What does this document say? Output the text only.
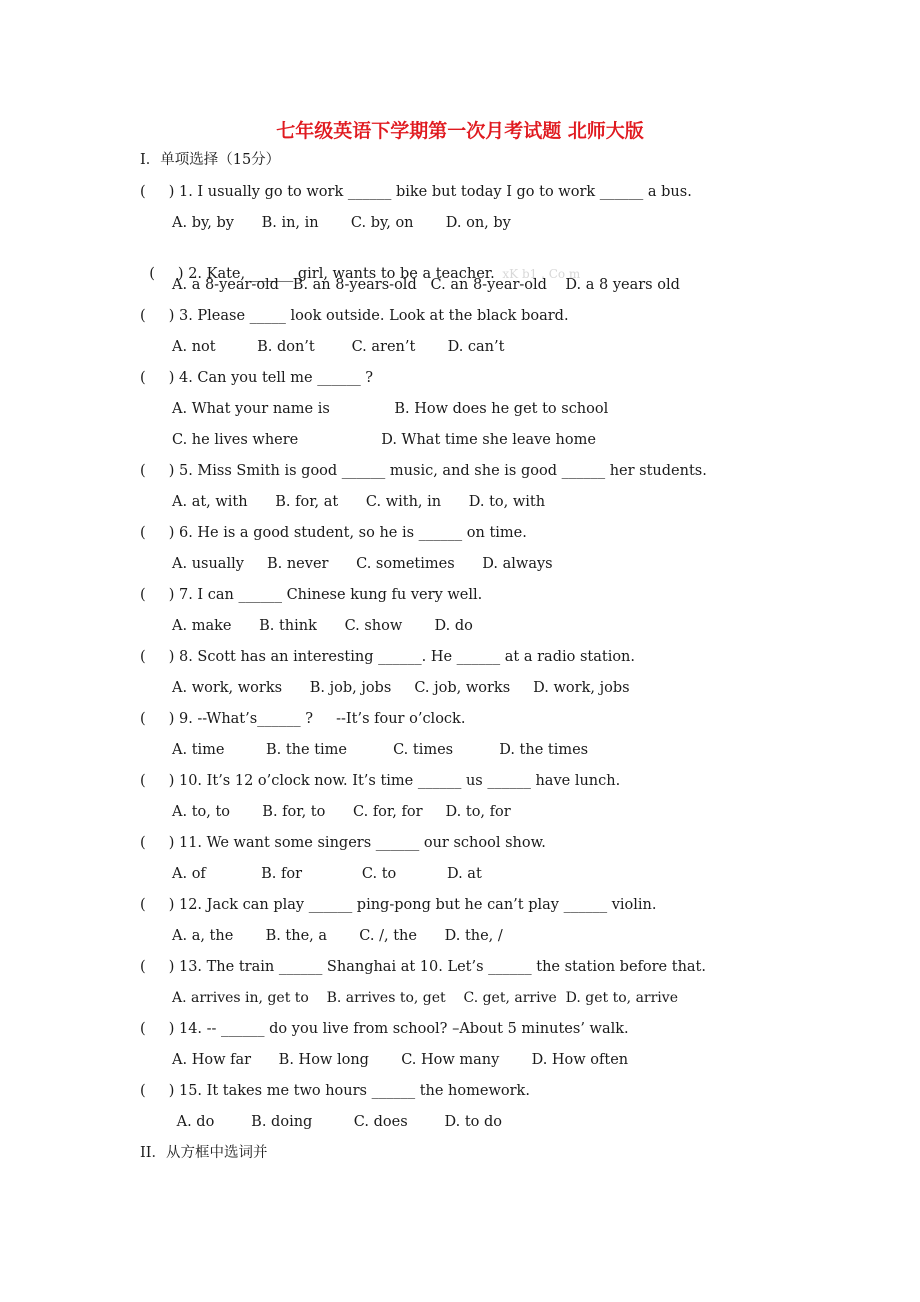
七年级英语下学期第一次月考试题 北师大版
I．单项选择（15分）
(     ) 1. I usually go to work ______ bike but today I go to work ______ a bus.
A. by, by      B. in, in       C. by, on       D. on, by

(     ) 2. Kate, ______ girl, wants to be a teacher. xK b1 . Co m

A. a 8-year-old   B. an 8-years-old   C. an 8-year-old    D. a 8 years old
(     ) 3. Please _____ look outside. Look at the black board.
A. not         B. don’t        C. aren’t       D. can’t
(     ) 4. Can you tell me ______ ?
A. What your name is              B. How does he get to school
C. he lives where                  D. What time she leave home
(     ) 5. Miss Smith is good ______ music, and she is good ______ her students.
A. at, with      B. for, at      C. with, in      D. to, with
(     ) 6. He is a good student, so he is ______ on time.
A. usually     B. never      C. sometimes      D. always
(     ) 7. I can ______ Chinese kung fu very well.
A. make      B. think      C. show       D. do
(     ) 8. Scott has an interesting ______. He ______ at a radio station.
A. work, works      B. job, jobs     C. job, works     D. work, jobs
(     ) 9. --What’s______ ?     --It’s four o’clock.
A. time         B. the time          C. times          D. the times
(     ) 10. It’s 12 o’clock now. It’s time ______ us ______ have lunch.
A. to, to       B. for, to      C. for, for     D. to, for
(     ) 11. We want some singers ______ our school show.
A. of            B. for             C. to           D. at
(     ) 12. Jack can play ______ ping-pong but he can’t play ______ violin.
A. a, the       B. the, a       C. /, the      D. the, /
(     ) 13. The train ______ Shanghai at 10. Let’s ______ the station before that.
A. arrives in, get to    B. arrives to, get    C. get, arrive  D. get to, arrive
(     ) 14. -- ______ do you live from school? –About 5 minutes’ walk.
A. How far      B. How long       C. How many       D. How often
(     ) 15. It takes me two hours ______ the homework.
A. do        B. doing         C. does        D. to do
II．从方框中选词并
